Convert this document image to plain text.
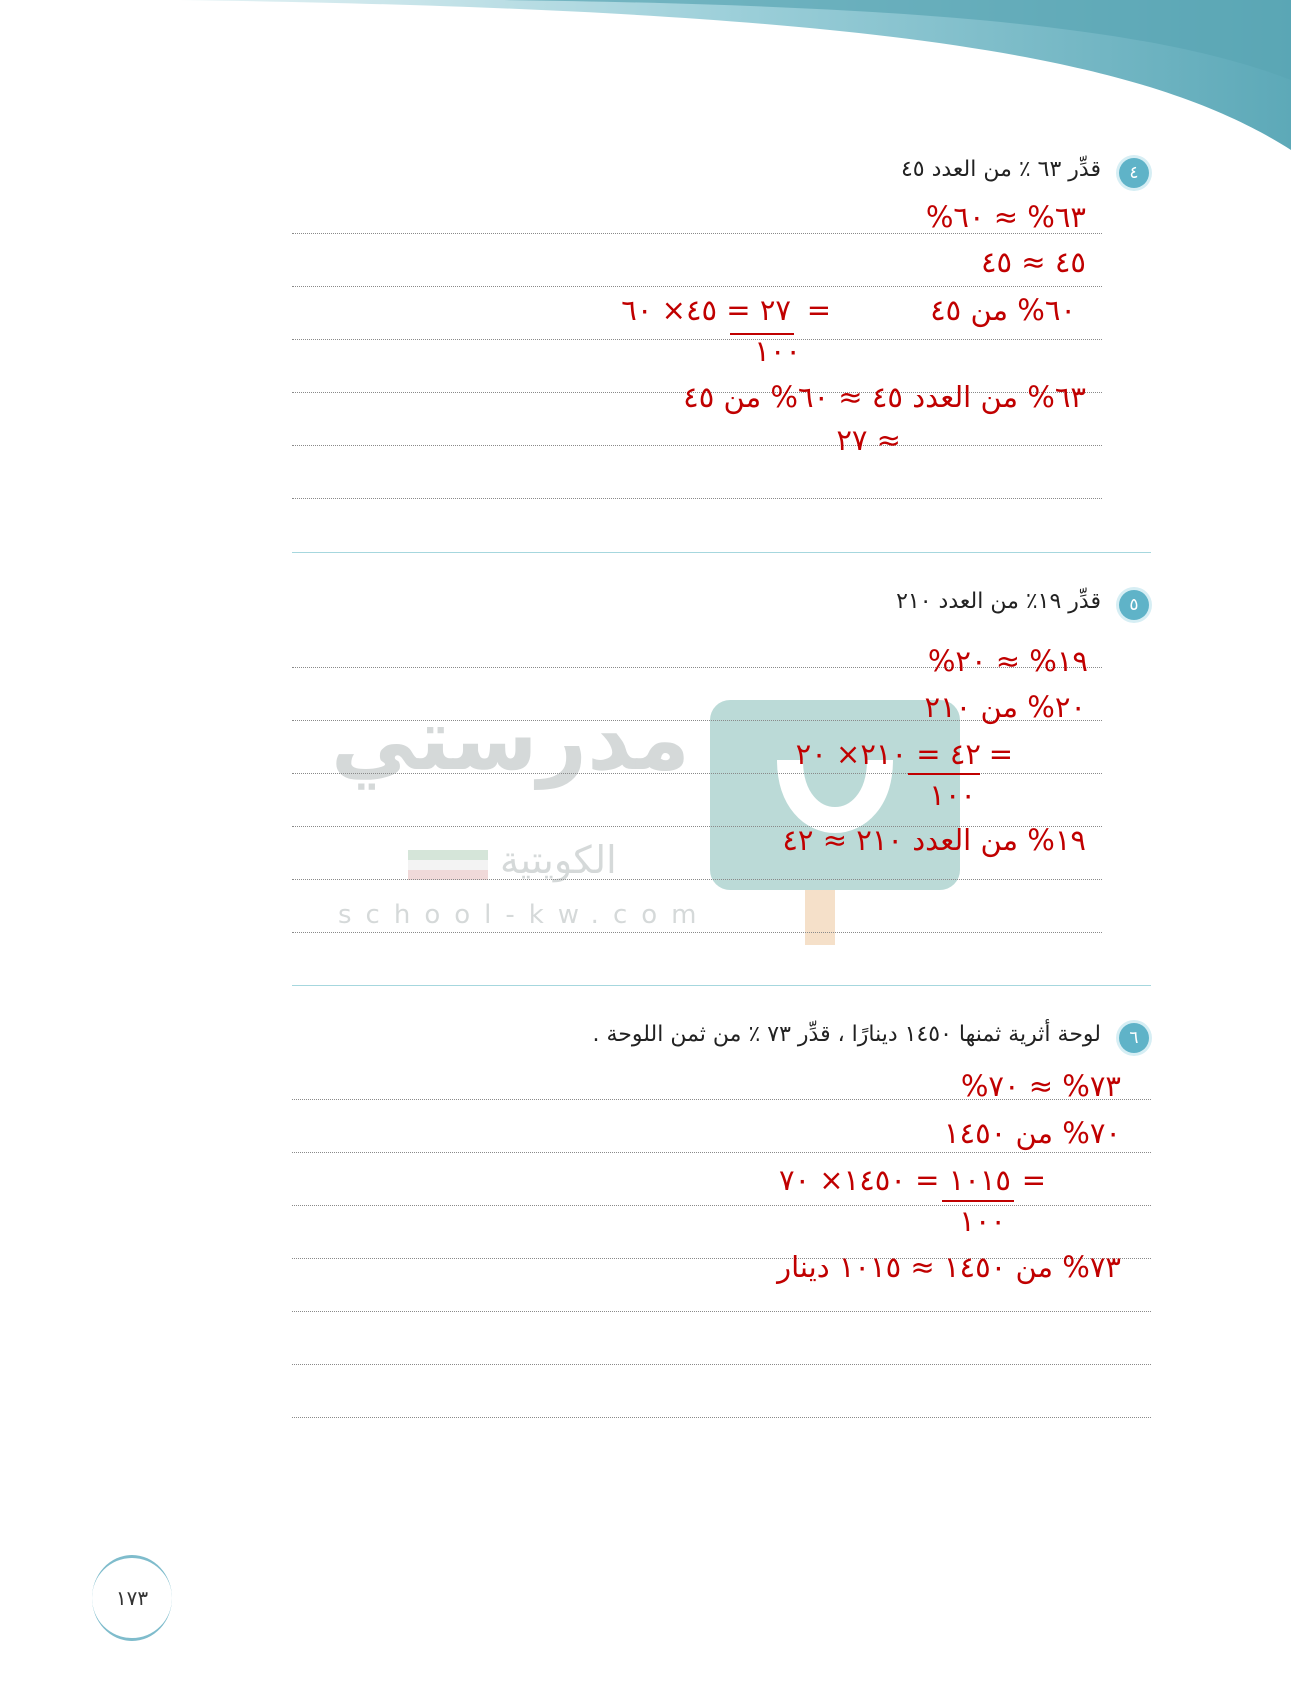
مدرستي
الكويتية
school-kw.com
٤
قدِّر ٦٣ ٪ من العدد ٤٥
٦٣% ≈ ٦٠%
٤٥ ≈ ٤٥
٦٠% من ٤٥
=
٢٧ = ٤٥× ٦٠
١٠٠
٦٣% من العدد ٤٥ ≈ ٦٠% من ٤٥
≈ ٢٧
٥
قدِّر ١٩٪ من العدد ٢١٠
١٩% ≈ ٢٠%
٢٠% من ٢١٠
=
٤٢ = ٢١٠× ٢٠
١٠٠
١٩% من العدد ٢١٠ ≈ ٤٢
٦
لوحة أثرية ثمنها ١٤٥٠ دينارًا ، قدِّر ٧٣ ٪ من ثمن اللوحة .
٧٣% ≈ ٧٠%
٧٠% من ١٤٥٠
=
١٠١٥ = ١٤٥٠× ٧٠
١٠٠
٧٣% من ١٤٥٠ ≈ ١٠١٥ دينار
١٧٣
